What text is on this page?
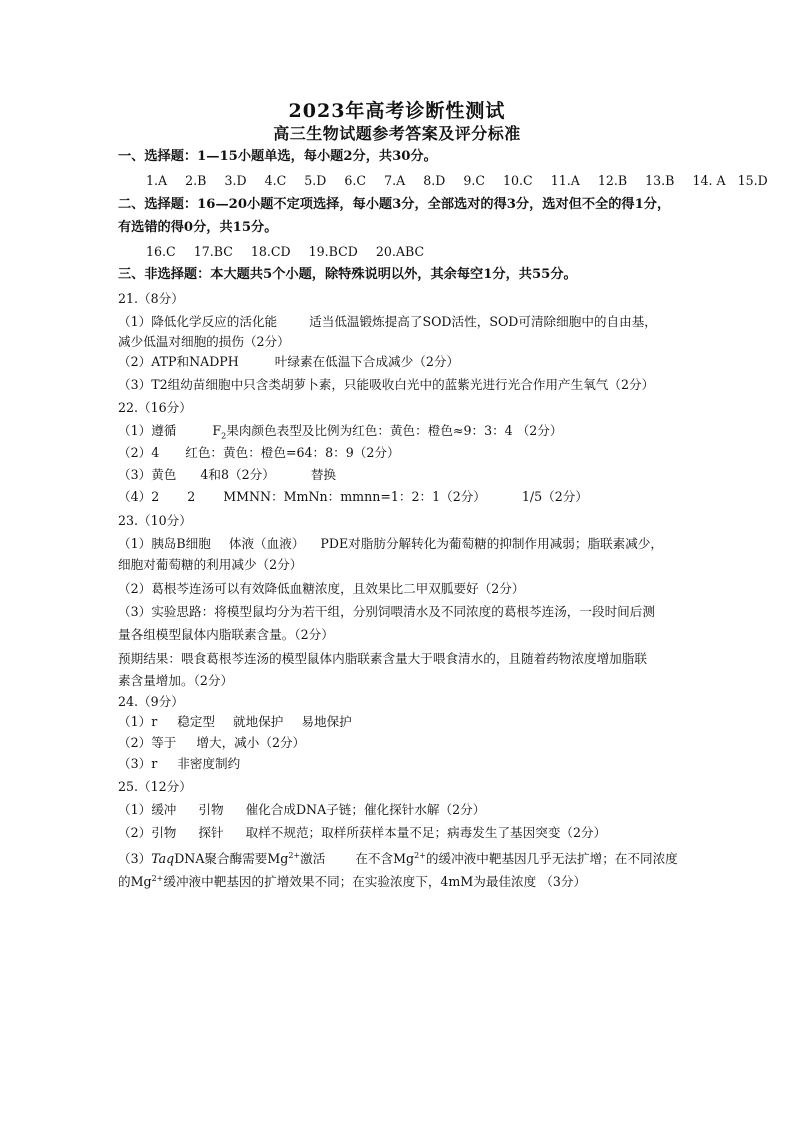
2023年高考诊断性测试
高三生物试题参考答案及评分标准
一、选择题：1—15小题单选，每小题2分，共30分。
1.A 2.B 3.D 4.C 5.D 6.C 7.A 8.D 9.C 10.C 11.A 12.B 13.B 14. A 15.D
二、选择题：16—20小题不定项选择，每小题3分，全部选对的得3分，选对但不全的得1分，
有选错的得0分，共15分。
16.C 17.BC 18.CD 19.BCD 20.ABC
三、非选择题：本大题共5个小题，除特殊说明以外，其余每空1分，共55分。
21.（8分）
（1）降低化学反应的活化能	适当低温锻炼提高了SOD活性，SOD可清除细胞中的自由基，
减少低温对细胞的损伤（2分）
（2）ATP和NADPH	叶绿素在低温下合成减少（2分）
（3）T2组幼苗细胞中只含类胡萝卜素，只能吸收白光中的蓝紫光进行光合作用产生氧气（2分）
22.（16分）
（1）遵循	$F_2$果肉颜色表型及比例为红色：黄色：橙色≈9：3：4 （2分）
（2）4 红色：黄色：橙色=64：8：9（2分）
（3）黄色 4和8（2分）	替换
（4）2 2 MMNN：MmNn：mmnn=1：2：1（2分）	1/5（2分）
23.（10分）
（1）胰岛B细胞 体液（血液） PDE对脂肪分解转化为葡萄糖的抑制作用减弱；脂联素减少，
细胞对葡萄糖的利用减少（2分）
（2）葛根芩连汤可以有效降低血糖浓度，且效果比二甲双胍要好（2分）
（3）实验思路：将模型鼠均分为若干组，分别饲喂清水及不同浓度的葛根芩连汤，一段时间后测
量各组模型鼠体内脂联素含量。（2分）
预期结果：喂食葛根芩连汤的模型鼠体内脂联素含量大于喂食清水的，且随着药物浓度增加脂联
素含量增加。（2分）
24.（9分）
（1）r 稳定型 就地保护 易地保护
（2）等于 增大，减小（2分）
（3）r 非密度制约
25.（12分）
（1）缓冲 引物 催化合成DNA子链；催化探针水解（2分）
（2）引物 探针 取样不规范；取样所获样本量不足；病毒发生了基因突变（2分）
（3）TaqDNA聚合酶需要$Mg^{2+}$激活 在不含$Mg^{2+}$的缓冲液中靶基因几乎无法扩增；在不同浓度
的$Mg^{2+}$缓冲液中靶基因的扩增效果不同；在实验浓度下，4mM为最佳浓度 （3分）
